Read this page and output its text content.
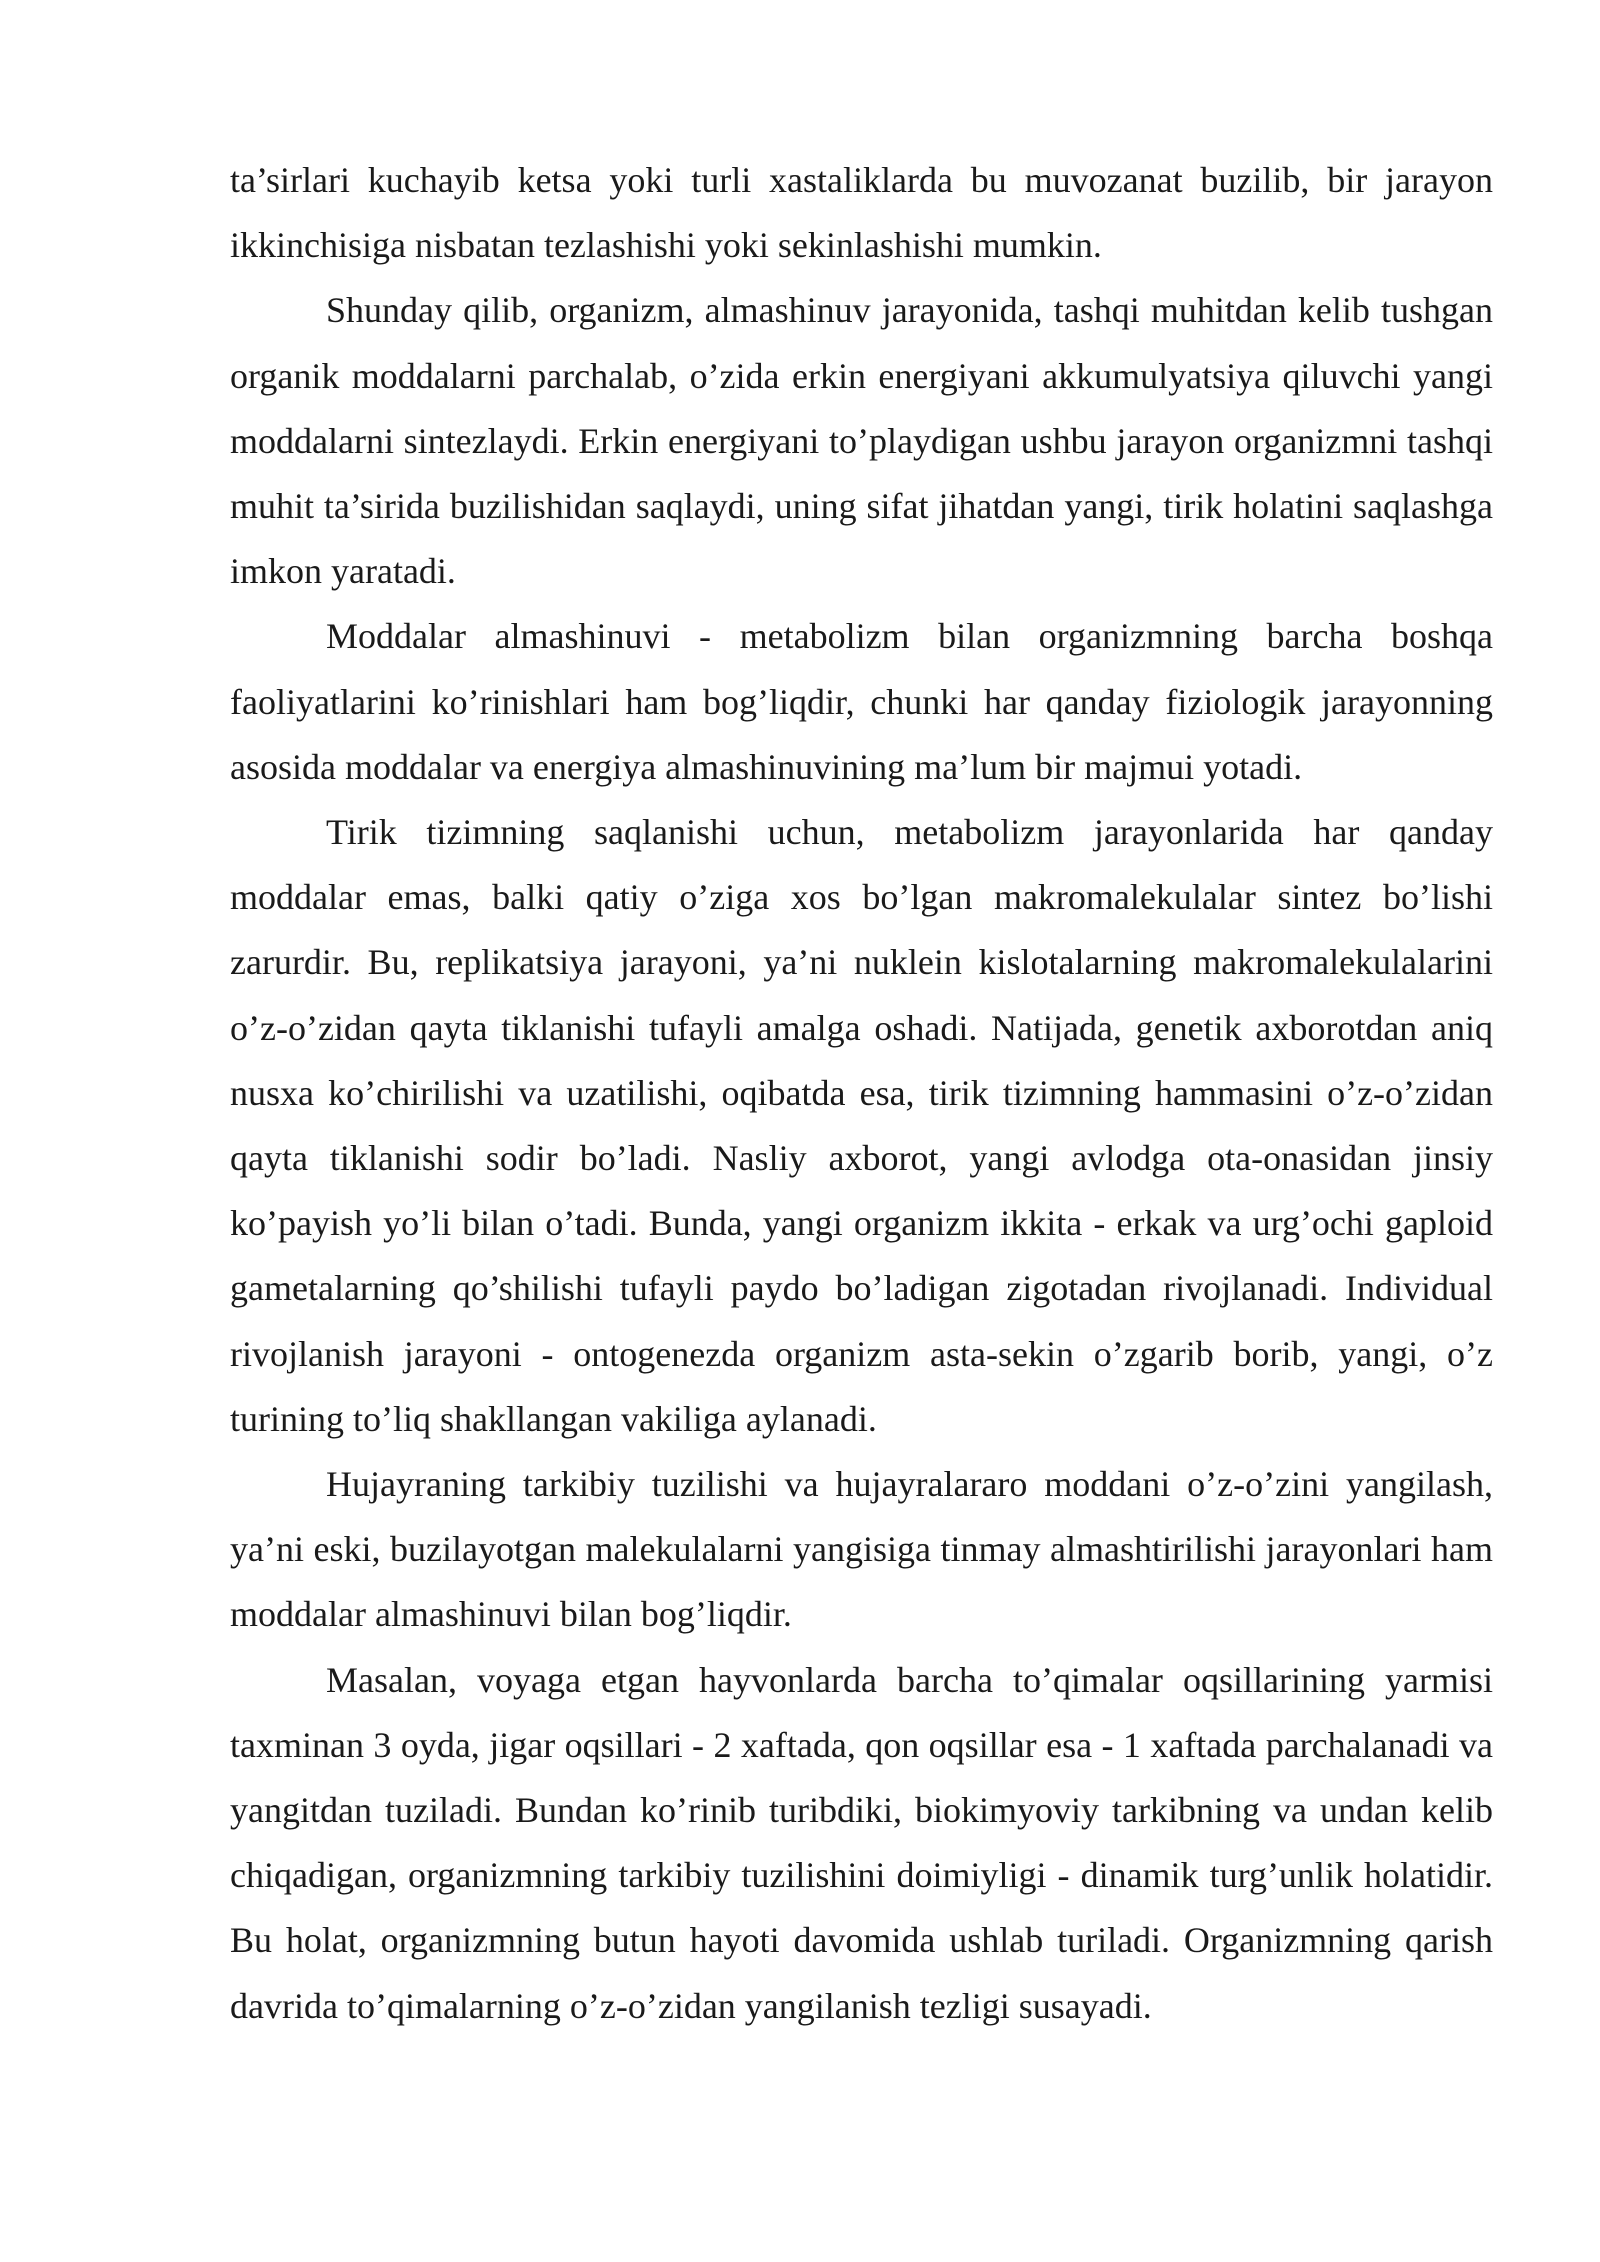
ta’sirlari kuchayib ketsa yoki turli xastaliklarda bu muvozanat buzilib, bir jarayon ikkinchisiga nisbatan tezlashishi yoki sekinlashishi mumkin.

Shunday qilib, organizm, almashinuv jarayonida, tashqi muhitdan kelib tushgan organik moddalarni parchalab, o’zida erkin energiyani akkumulyatsiya qiluvchi yangi moddalarni sintezlaydi. Erkin energiyani to’playdigan ushbu jarayon organizmni tashqi muhit ta’sirida buzilishidan saqlaydi, uning sifat jihatdan yangi, tirik holatini saqlashga imkon yaratadi.

Moddalar almashinuvi - metabolizm bilan organizmning barcha boshqa faoliyatlarini ko’rinishlari ham bog’liqdir, chunki har qanday fiziologik jarayonning asosida moddalar va energiya almashinuvining ma’lum bir majmui yotadi.

Tirik tizimning saqlanishi uchun, metabolizm jarayonlarida har qanday moddalar emas, balki qatiy o’ziga xos bo’lgan makromalekulalar sintez bo’lishi zarurdir. Bu, replikatsiya jarayoni, ya’ni nuklein kislotalarning makromalekulalarini o’z-o’zidan qayta tiklanishi tufayli amalga oshadi. Natijada, genetik axborotdan aniq nusxa ko’chirilishi va uzatilishi, oqibatda esa, tirik tizimning hammasini o’z-o’zidan qayta tiklanishi sodir bo’ladi. Nasliy axborot, yangi avlodga ota-onasidan jinsiy ko’payish yo’li bilan o’tadi. Bunda, yangi organizm ikkita - erkak va urg’ochi gaploid gametalarning qo’shilishi tufayli paydo bo’ladigan zigotadan rivojlanadi. Individual rivojlanish jarayoni - ontogenezda organizm asta-sekin o’zgarib borib, yangi, o’z turining to’liq shakllangan vakiliga aylanadi.

Hujayraning tarkibiy tuzilishi va hujayralararo moddani o’z-o’zini yangilash, ya’ni eski, buzilayotgan malekulalarni yangisiga tinmay almashtirilishi jarayonlari ham moddalar almashinuvi bilan bog’liqdir.

Masalan, voyaga etgan hayvonlarda barcha to’qimalar oqsillarining yarmisi taxminan 3 oyda, jigar oqsillari - 2 xaftada, qon oqsillar esa - 1 xaftada parchalanadi va yangitdan tuziladi. Bundan ko’rinib turibdiki, biokimyoviy tarkibning va undan kelib chiqadigan, organizmning tarkibiy tuzilishini doimiyligi - dinamik turg’unlik holatidir. Bu holat, organizmning butun hayoti davomida ushlab turiladi. Organizmning qarish davrida to’qimalarning o’z-o’zidan yangilanish tezligi susayadi.
